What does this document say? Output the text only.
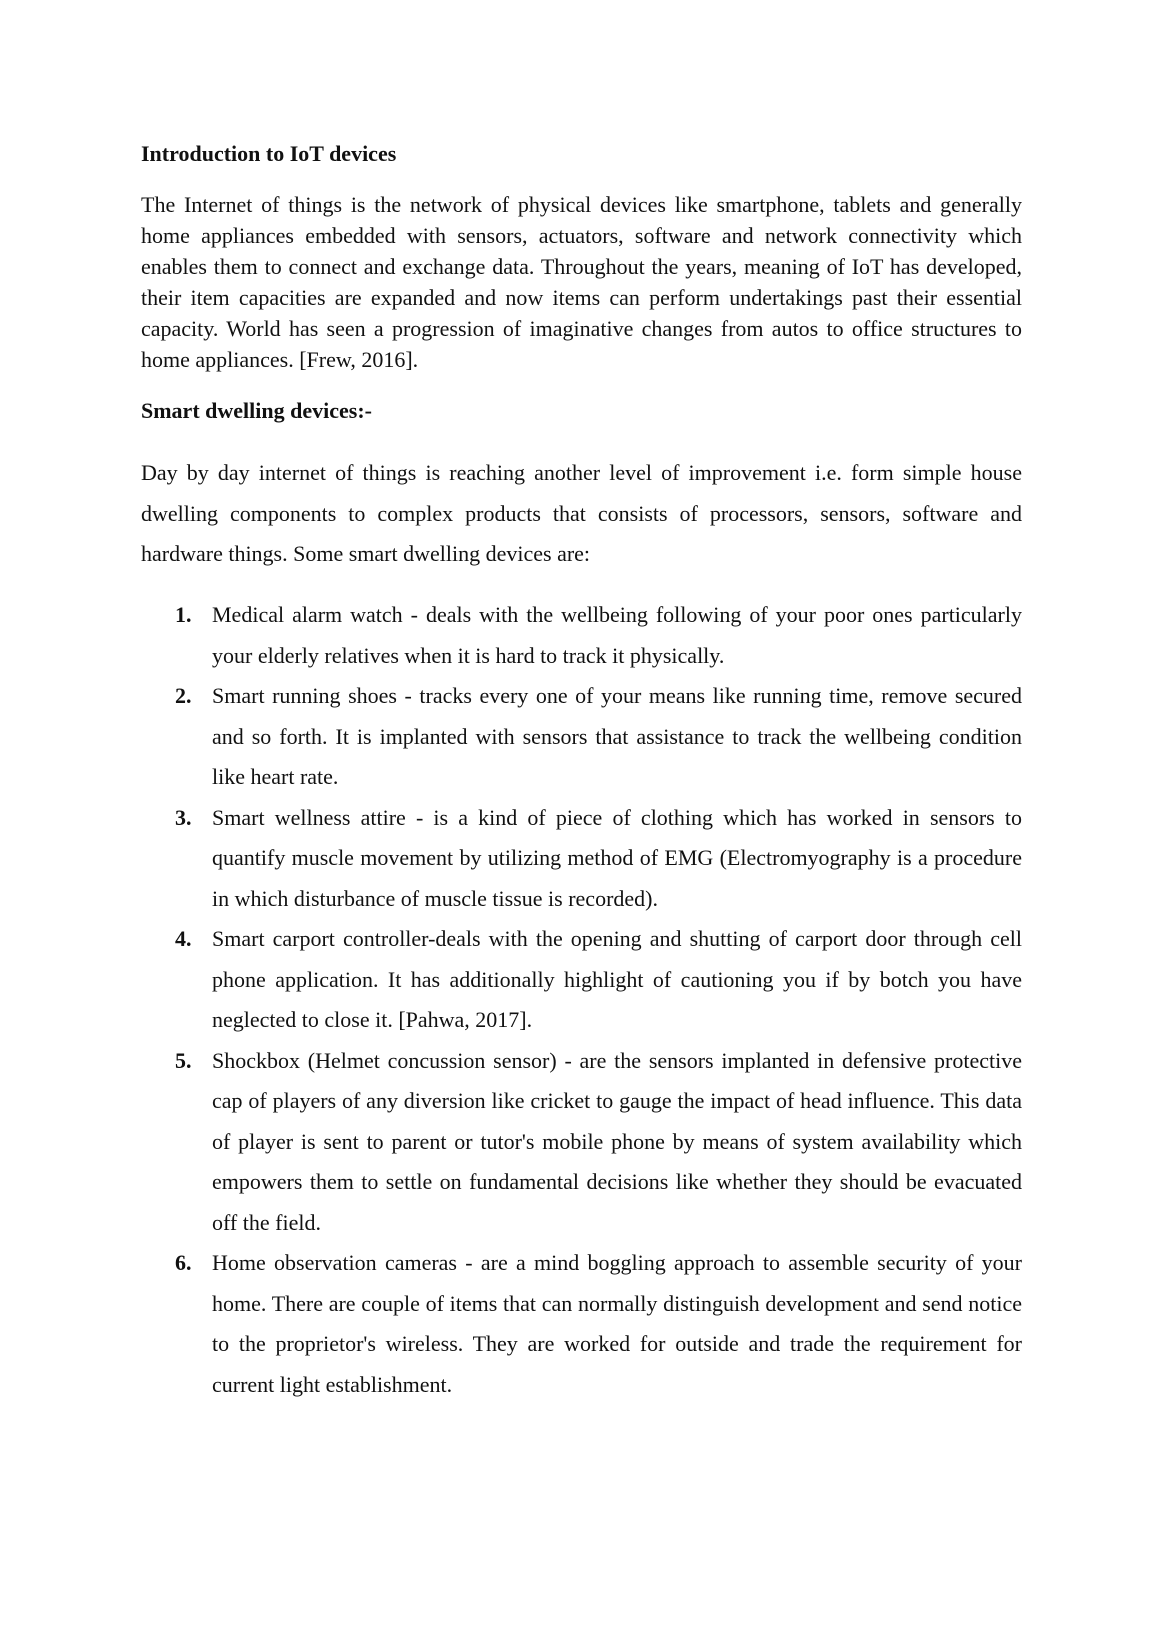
Introduction to IoT devices

The Internet of things is the network of physical devices like smartphone, tablets and generally home appliances embedded with sensors, actuators, software and network connectivity which enables them to connect and exchange data. Throughout the years, meaning of IoT has developed, their item capacities are expanded and now items can perform undertakings past their essential capacity. World has seen a progression of imaginative changes from autos to office structures to home appliances. [Frew, 2016].

Smart dwelling devices:-

Day by day internet of things is reaching another level of improvement i.e. form simple house dwelling components to complex products that consists of processors, sensors, software and hardware things. Some smart dwelling devices are:

1. Medical alarm watch - deals with the wellbeing following of your poor ones particularly your elderly relatives when it is hard to track it physically.
2. Smart running shoes - tracks every one of your means like running time, remove secured and so forth. It is implanted with sensors that assistance to track the wellbeing condition like heart rate.
3. Smart wellness attire - is a kind of piece of clothing which has worked in sensors to quantify muscle movement by utilizing method of EMG (Electromyography is a procedure in which disturbance of muscle tissue is recorded).
4. Smart carport controller-deals with the opening and shutting of carport door through cell phone application. It has additionally highlight of cautioning you if by botch you have neglected to close it. [Pahwa, 2017].
5. Shockbox (Helmet concussion sensor) - are the sensors implanted in defensive protective cap of players of any diversion like cricket to gauge the impact of head influence. This data of player is sent to parent or tutor's mobile phone by means of system availability which empowers them to settle on fundamental decisions like whether they should be evacuated off the field.
6. Home observation cameras - are a mind boggling approach to assemble security of your home. There are couple of items that can normally distinguish development and send notice to the proprietor's wireless. They are worked for outside and trade the requirement for current light establishment.
